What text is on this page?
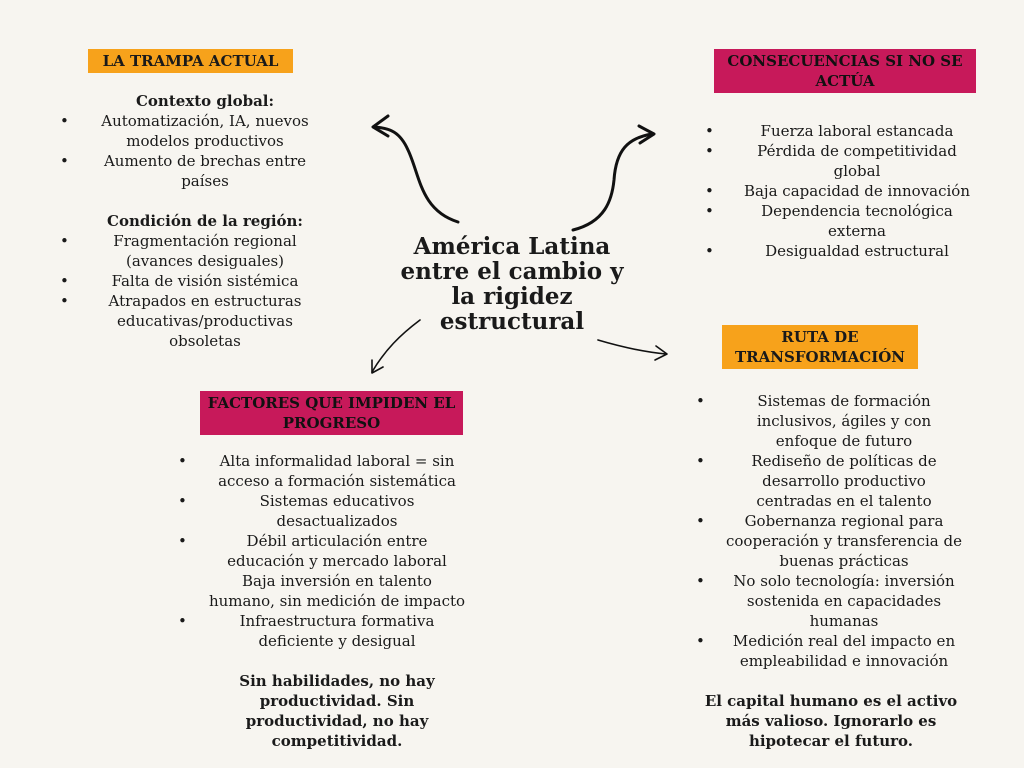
América Latina entre el cambio y la rigidez estructural
LA TRAMPA ACTUAL
Contexto global:
• Automatización, IA, nuevos modelos productivos
• Aumento de brechas entre países
Condición de la región:
• Fragmentación regional (avances desiguales)
• Falta de visión sistémica
• Atrapados en estructuras educativas/productivas obsoletas
CONSECUENCIAS SI NO SE ACTÚA
• Fuerza laboral estancada
• Pérdida de competitividad global
• Baja capacidad de innovación
• Dependencia tecnológica externa
• Desigualdad estructural
FACTORES QUE IMPIDEN EL PROGRESO
• Alta informalidad laboral = sin acceso a formación sistemática
• Sistemas educativos desactualizados
• Débil articulación entre educación y mercado laboral
Baja inversión en talento humano, sin medición de impacto
• Infraestructura formativa deficiente y desigual
Sin habilidades, no hay productividad. Sin productividad, no hay competitividad.
RUTA DE TRANSFORMACIÓN
• Sistemas de formación inclusivos, ágiles y con enfoque de futuro
• Rediseño de políticas de desarrollo productivo centradas en el talento
• Gobernanza regional para cooperación y transferencia de buenas prácticas
• No solo tecnología: inversión sostenida en capacidades humanas
• Medición real del impacto en empleabilidad e innovación
El capital humano es el activo más valioso. Ignorarlo es hipotecar el futuro.
